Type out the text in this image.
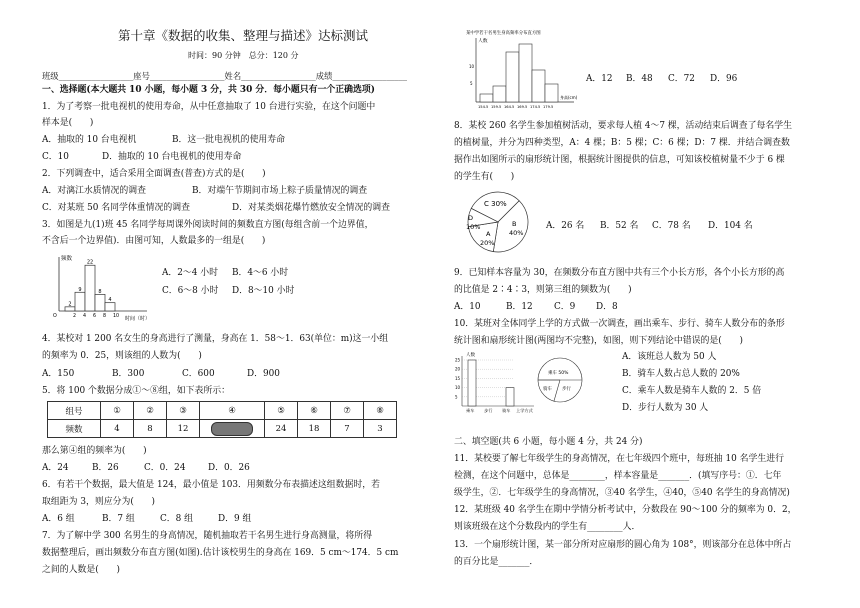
第十章《数据的收集、整理与描述》达标测试
时间：90 分钟　总分：120 分
班级__________________座号__________________姓名__________________成绩__________________
一、选择题(本大题共 10 小题，每小题 3 分，共 30 分．每小题只有一个正确选项)
1．为了考察一批电视机的使用寿命，从中任意抽取了 10 台进行实验，在这个问题中
样本是(　　)
A．抽取的 10 台电视机	B．这一批电视机的使用寿命
C．10	D．抽取的 10 台电视机的使用寿命
2．下列调查中，适合采用全面调查(普查)方式的是(　　)
A．对漓江水质情况的调查	B．对端午节期间市场上粽子质量情况的调查
C．对某班 50 名同学体重情况的调查	D．对某类烟花爆竹燃放安全情况的调查
3．如图是九(1)班 45 名同学每周课外阅读时间的频数直方图(每组含前一个边界值，
不含后一个边界值)．由图可知，人数最多的一组是(　　)
频数
时间（时）
2
9
22
8
4
O	2 4 6 8 10
A．2～4 小时 B．4～6 小时
C．6～8 小时 D．8～10 小时
4．某校对 1 200 名女生的身高进行了测量，身高在 1．58～1．63(单位：m)这一小组
的频率为 0．25，则该组的人数为(　　)
A．150	B．300	C．600	D．900
5．将 100 个数据分成①～⑧组，如下表所示：
组号	①	②	③	④	⑤	⑥	⑦	⑧
频数	4	8	12		24	18	7	3
那么第④组的频率为(　　)
A．24	B．26	C．0．24	D．0．26
6．有若干个数据，最大值是 124，最小值是 103．用频数分布表描述这组数据时，若
取组距为 3，则应分为(　　)
A．6 组	B．7 组	C．8 组	D．9 组
7．为了解中学 300 名男生的身高情况，随机抽取若干名男生进行身高测量，将所得
数据整理后，画出频数分布直方图(如图).估计该校男生的身高在 169．5 cm～174．5 cm
之间的人数是(　　)
某中学若干名男生身高频率分布直方图
人数
10
5
154.5 159.5 164.5 169.5 174.5 179.5
身高(cm)
A．12 B．48 C．72 D．96
8．某校 260 名学生参加植树活动，要求每人植 4～7 棵，活动结束后调查了每名学生
的植树量，并分为四种类型，A：4 棵；B：5 棵；C：6 棵；D：7 棵．并结合调查数
据作出如图所示的扇形统计图，根据统计图提供的信息，可知该校植树量不少于 6 棵
的学生有(　　)
C 30%
B
40%
A
20%
D
10%	A．26 名 B．52 名 C．78 名 D．104 名
9．已知样本容量为 30，在频数分布直方图中共有三个小长方形，各个小长方形的高
的比值是 2∶4∶3，则第三组的频数为(　　)
A．10	B．12 C．9 D．8
10．某班对全体同学上学的方式做一次调查，画出乘车、步行、骑车人数分布的条形
统计图和扇形统计图(两图均不完整)，如图，则下列结论中错误的是(　　)
人数
25
20
15
10
5
乘车 步行 骑车 上学方式
乘车 50%
步行
骑车
A．该班总人数为 50 人
B．骑车人数占总人数的 20%
C．乘车人数是骑车人数的 2．5 倍
D．步行人数为 30 人
二、填空题(共 6 小题，每小题 4 分，共 24 分)
11．某校要了解七年级学生的身高情况，在七年级四个班中，每班抽 10 名学生进行
检测，在这个问题中，总体是________，样本容量是_______．(填写序号：①．七年
级学生，②．七年级学生的身高情况，③40 名学生，④40，⑤40 名学生的身高情况)
12．某班级 40 名学生在期中学情分析考试中，分数段在 90～100 分的频率为 0．2，
则该班级在这个分数段内的学生有________人．
13．一个扇形统计图，某一部分所对应扇形的圆心角为 108°，则该部分在总体中所占
的百分比是_______．
